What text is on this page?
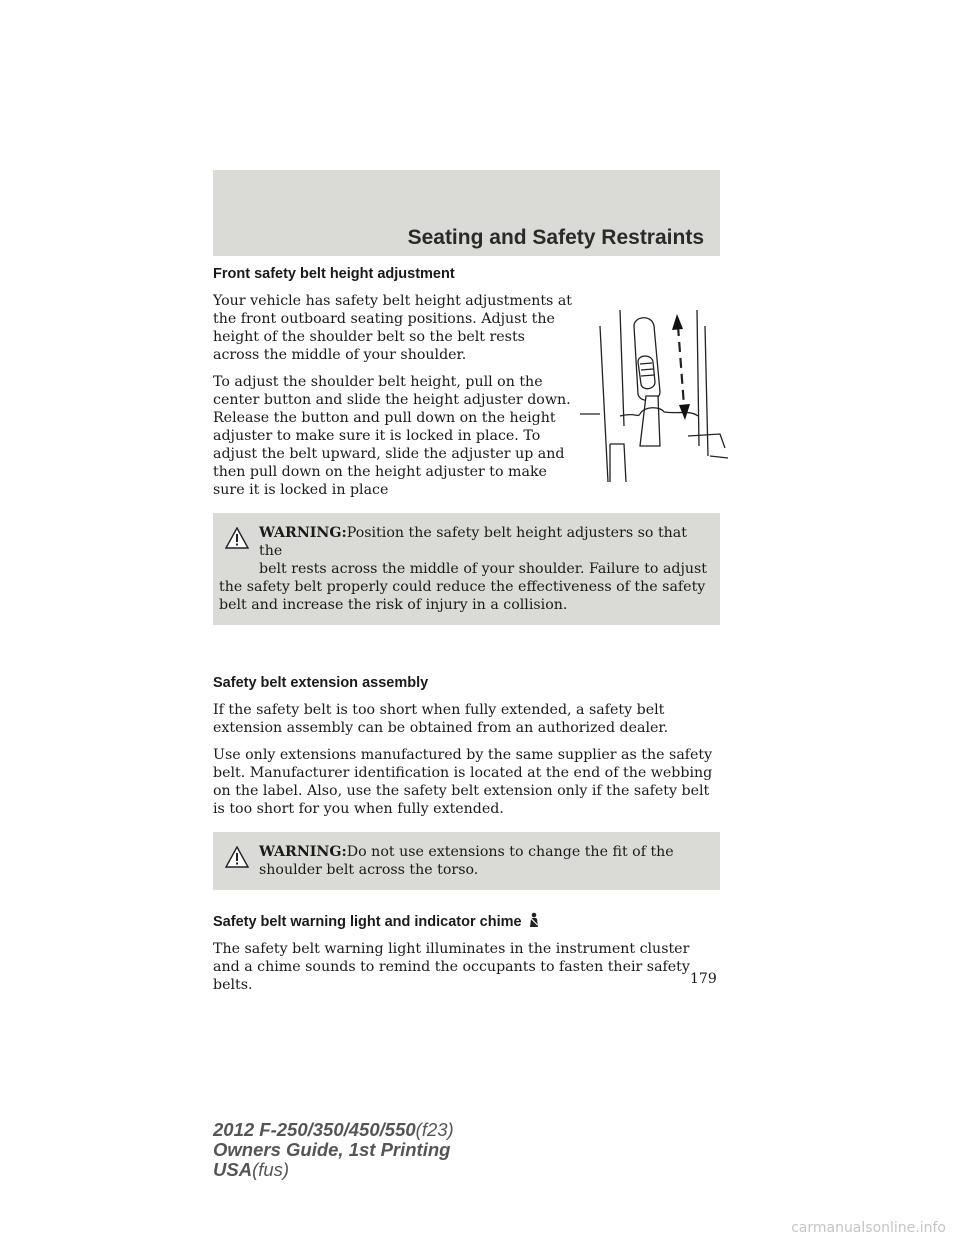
Seating and Safety Restraints
Front safety belt height adjustment

Your vehicle has safety belt height adjustments at the front outboard seating positions. Adjust the height of the shoulder belt so the belt rests across the middle of your shoulder.

To adjust the shoulder belt height, pull on the center button and slide the height adjuster down. Release the button and pull down on the height adjuster to make sure it is locked in place. To adjust the belt upward, slide the adjuster up and then pull down on the height adjuster to make sure it is locked in place

WARNING:Position the safety belt height adjusters so that the
belt rests across the middle of your shoulder. Failure to adjust
the safety belt properly could reduce the effectiveness of the safety
belt and increase the risk of injury in a collision.
Safety belt extension assembly

If the safety belt is too short when fully extended, a safety belt extension assembly can be obtained from an authorized dealer.

Use only extensions manufactured by the same supplier as the safety belt. Manufacturer identification is located at the end of the webbing on the label. Also, use the safety belt extension only if the safety belt is too short for you when fully extended.

WARNING:Do not use extensions to change the fit of the
shoulder belt across the torso.
Safety belt warning light and indicator chime

The safety belt warning light illuminates in the instrument cluster and a chime sounds to remind the occupants to fasten their safety belts.	179
2012 F-250/350/450/550(f23)
Owners Guide, 1st Printing
USA(fus)
carmanualsonline.info
